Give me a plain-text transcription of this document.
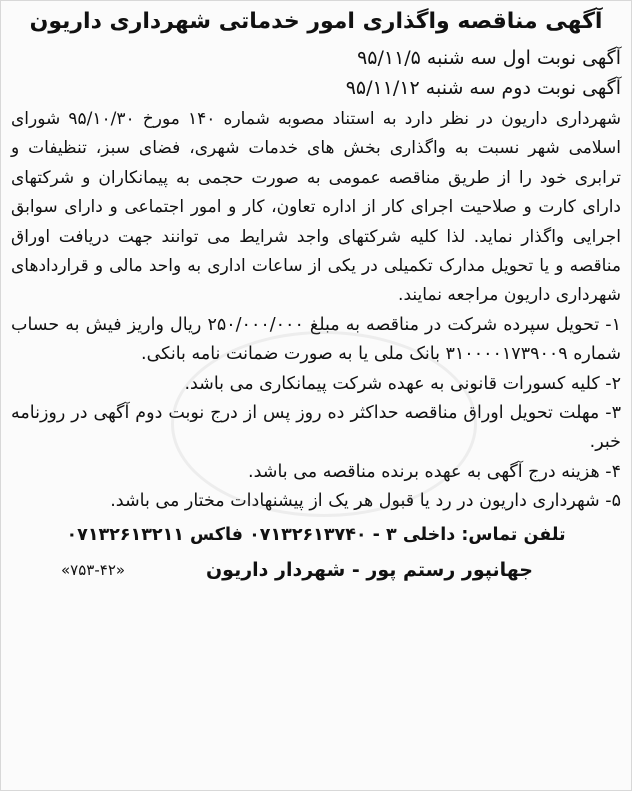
آگهی مناقصه واگذاری امور خدماتی شهرداری داریون

آگهی نوبت اول سه شنبه ۹۵/۱۱/۵

آگهی نوبت دوم سه شنبه ۹۵/۱۱/۱۲

شهرداری داریون در نظر دارد به استناد مصوبه شماره ۱۴۰ مورخ ۹۵/۱۰/۳۰ شورای اسلامی شهر نسبت به واگذاری بخش های خدمات شهری، فضای سبز، تنظیفات و ترابری خود را از طریق مناقصه عمومی به صورت حجمی به پیمانکاران و شرکتهای دارای کارت و صلاحیت اجرای کار از اداره تعاون، کار و امور اجتماعی و دارای سوابق اجرایی واگذار نماید. لذا کلیه شرکتهای واجد شرایط می توانند جهت دریافت اوراق مناقصه و یا تحویل مدارک تکمیلی در یکی از ساعات اداری به واحد مالی و قراردادهای شهرداری داریون مراجعه نمایند.

۱- تحویل سپرده شرکت در مناقصه به مبلغ ۲۵۰/۰۰۰/۰۰۰ ریال واریز فیش به حساب شماره ۳۱۰۰۰۰۱۷۳۹۰۰۹ بانک ملی یا به صورت ضمانت نامه بانکی.

۲- کلیه کسورات قانونی به عهده شرکت پیمانکاری می باشد.

۳- مهلت تحویل اوراق مناقصه حداکثر ده روز پس از درج نوبت دوم آگهی در روزنامه خبر.

۴- هزینه درج آگهی به عهده برنده مناقصه می باشد.

۵- شهرداری داریون در رد یا قبول هر یک از پیشنهادات مختار می باشد.

تلفن تماس: داخلی ۳ - ۰۷۱۳۲۶۱۳۷۴۰ فاکس ۰۷۱۳۲۶۱۳۲۱۱
جهانپور رستم پور - شهردار داریون
«۷۵۳-۴۲»
